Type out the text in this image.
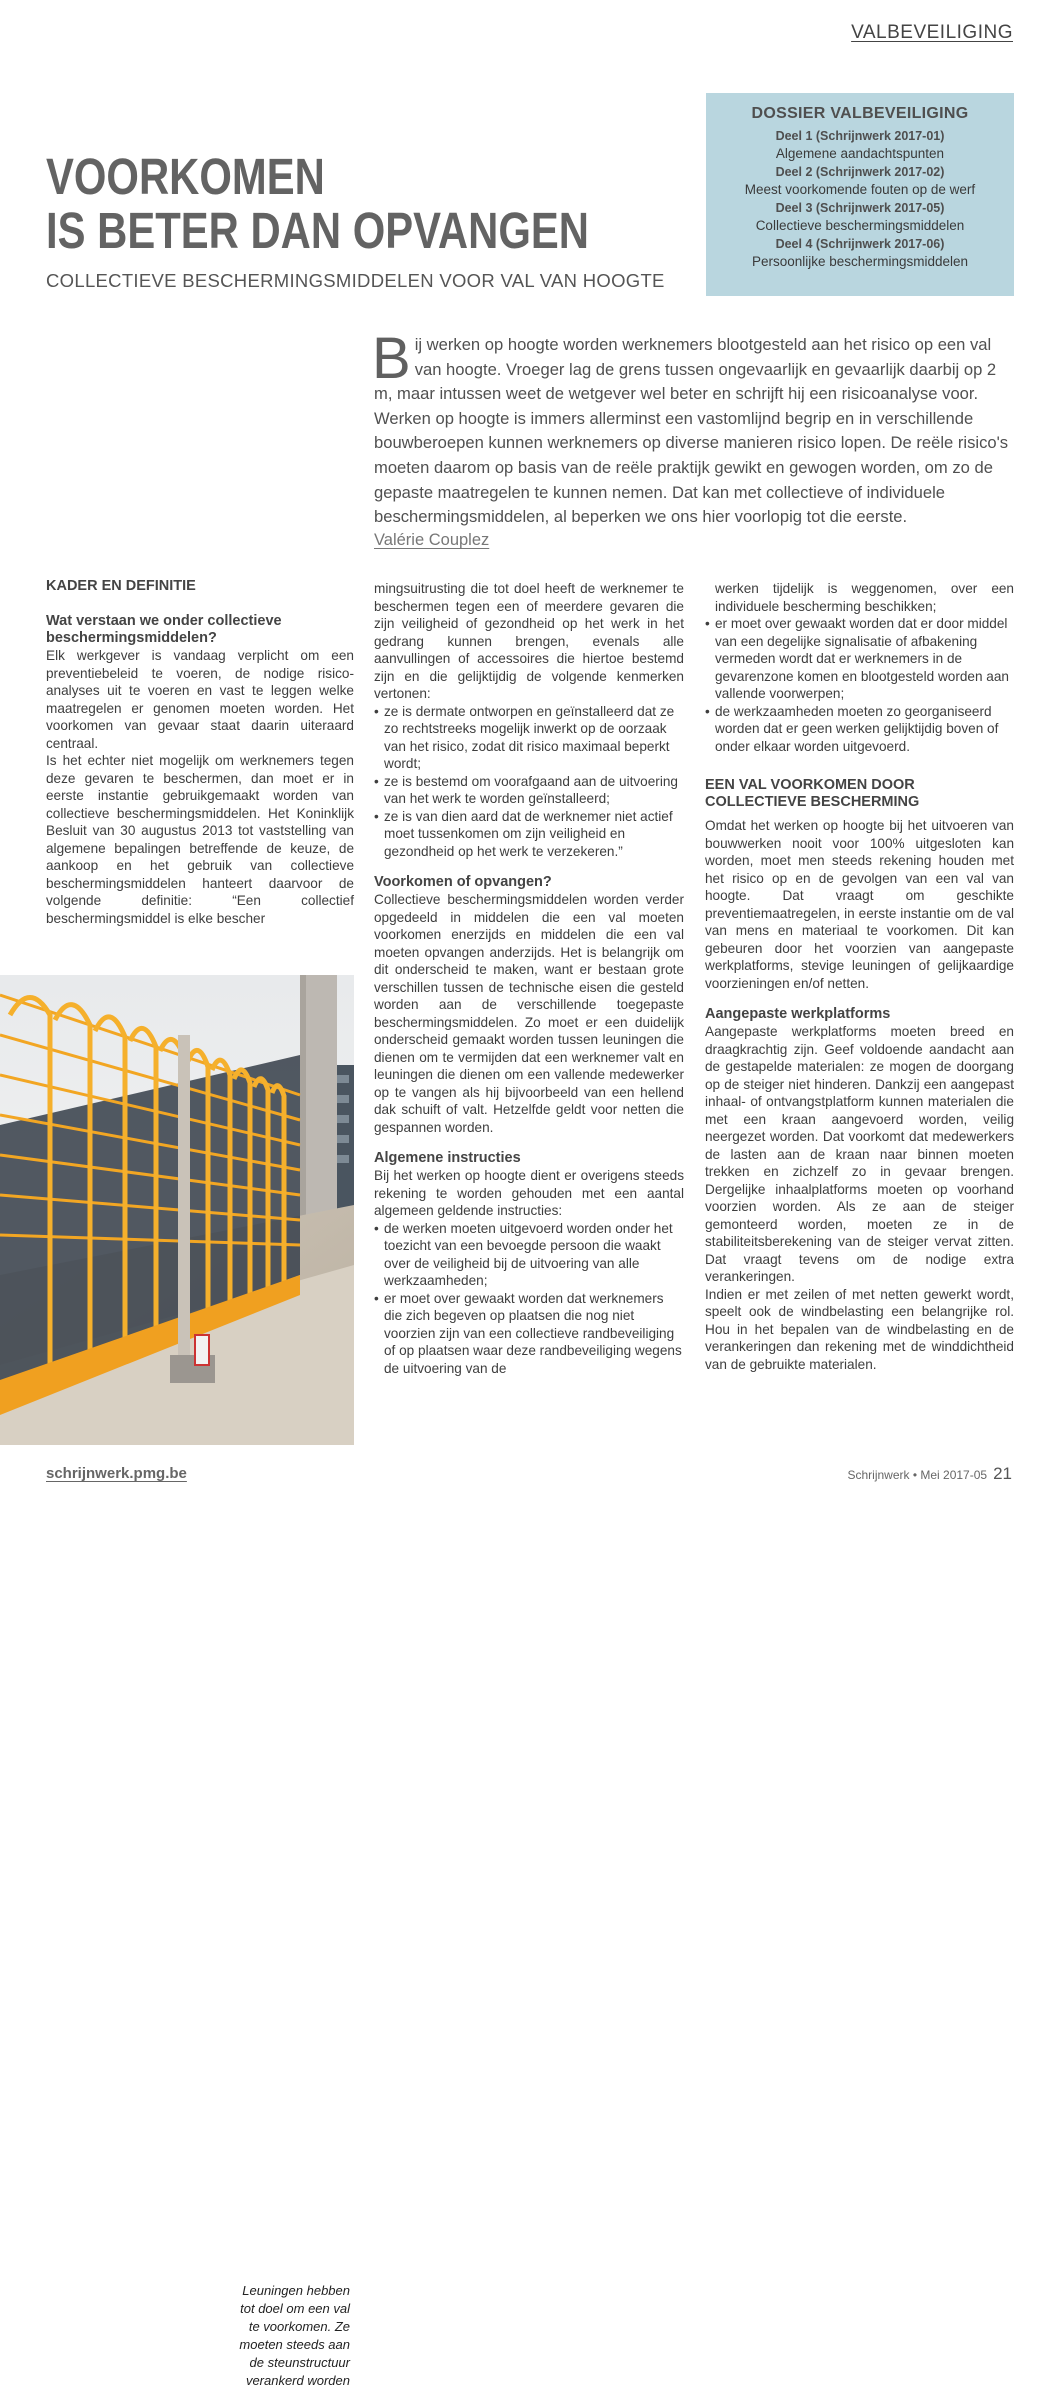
VALBEVEILIGING
DOSSIER VALBEVEILIGING
Deel 1 (Schrijnwerk 2017-01)
Algemene aandachtspunten
Deel 2 (Schrijnwerk 2017-02)
Meest voorkomende fouten op de werf
Deel 3 (Schrijnwerk 2017-05)
Collectieve beschermingsmiddelen
Deel 4 (Schrijnwerk 2017-06)
Persoonlijke beschermingsmiddelen
VOORKOMEN
IS BETER DAN OPVANGEN
COLLECTIEVE BESCHERMINGSMIDDELEN VOOR VAL VAN HOOGTE
Bij werken op hoogte worden werknemers blootgesteld aan het risico op een val van hoogte. Vroeger lag de grens tussen ongevaarlijk en gevaarlijk daarbij op 2 m, maar intussen weet de wetgever wel beter en schrijft hij een risicoanalyse voor. Werken op hoogte is immers allerminst een vastomlijnd begrip en in verschillende bouwberoepen kunnen werknemers op diverse manieren risico lopen. De reële risico's moeten daarom op basis van de reële praktijk gewikt en gewogen worden, om zo de gepaste maatregelen te kunnen nemen. Dat kan met collectieve of individuele beschermingsmiddelen, al beperken we ons hier voorlopig tot die eerste.
Valérie Couplez
KADER EN DEFINITIE
Wat verstaan we onder collectieve beschermingsmiddelen?

Elk werkgever is vandaag verplicht om een preventiebeleid te voeren, de nodige risicoanalyses uit te voeren en vast te leggen welke maatregelen er genomen moeten worden. Het voorkomen van gevaar staat daarin uiteraard centraal.

Is het echter niet mogelijk om werknemers tegen deze gevaren te beschermen, dan moet er in eerste instantie gebruikgemaakt worden van collectieve beschermingsmiddelen. Het Koninklijk Besluit van 30 augustus 2013 tot vaststelling van algemene bepalingen betreffende de keuze, de aankoop en het gebruik van collectieve beschermingsmiddelen hanteert daarvoor de volgende definitie: “Een collectief beschermingsmiddel is elke bescher

Leuningen hebben tot doel om een val te voorkomen. Ze moeten steeds aan de steunstructuur verankerd worden

mingsuitrusting die tot doel heeft de werknemer te beschermen tegen een of meerdere gevaren die zijn veiligheid of gezondheid op het werk in het gedrang kunnen brengen, evenals alle aanvullingen of accessoires die hiertoe bestemd zijn en die gelijktijdig de volgende kenmerken vertonen:

• ze is dermate ontworpen en geïnstalleerd dat ze zo rechtstreeks mogelijk inwerkt op de oorzaak van het risico, zodat dit risico maximaal beperkt wordt;
• ze is bestemd om voorafgaand aan de uitvoering van het werk te worden geïnstalleerd;
• ze is van dien aard dat de werknemer niet actief moet tussenkomen om zijn veiligheid en gezondheid op het werk te verzekeren.”
Voorkomen of opvangen?

Collectieve beschermingsmiddelen worden verder opgedeeld in middelen die een val moeten voorkomen enerzijds en middelen die een val moeten opvangen anderzijds. Het is belangrijk om dit onderscheid te maken, want er bestaan grote verschillen tussen de technische eisen die gesteld worden aan de verschillende toegepaste beschermingsmiddelen. Zo moet er een duidelijk onderscheid gemaakt worden tussen leuningen die dienen om te vermijden dat een werknemer valt en leuningen die dienen om een vallende medewerker op te vangen als hij bijvoorbeeld van een hellend dak schuift of valt. Hetzelfde geldt voor netten die gespannen worden.

Algemene instructies

Bij het werken op hoogte dient er overigens steeds rekening te worden gehouden met een aantal algemeen geldende instructies:

• de werken moeten uitgevoerd worden onder het toezicht van een bevoegde persoon die waakt over de veiligheid bij de uitvoering van alle werkzaamheden;
• er moet over gewaakt worden dat werknemers die zich begeven op plaatsen die nog niet voorzien zijn van een collectieve randbeveiliging of op plaatsen waar deze randbeveiliging wegens de uitvoering van de

werken tijdelijk is weggenomen, over een individuele bescherming beschikken;

• er moet over gewaakt worden dat er door middel van een degelijke signalisatie of afbakening vermeden wordt dat er werknemers in de gevarenzone komen en blootgesteld worden aan vallende voorwerpen;
• de werkzaamheden moeten zo georganiseerd worden dat er geen werken gelijktijdig boven of onder elkaar worden uitgevoerd.
EEN VAL VOORKOMEN DOOR COLLECTIEVE BESCHERMING

Omdat het werken op hoogte bij het uitvoeren van bouwwerken nooit voor 100% uitgesloten kan worden, moet men steeds rekening houden met het risico op en de gevolgen van een val van hoogte. Dat vraagt om geschikte preventiemaatregelen, in eerste instantie om de val van mens en materiaal te voorkomen. Dit kan gebeuren door het voorzien van aangepaste werkplatforms, stevige leuningen of gelijkaardige voorzieningen en/of netten.

Aangepaste werkplatforms

Aangepaste werkplatforms moeten breed en draagkrachtig zijn. Geef voldoende aandacht aan de gestapelde materialen: ze mogen de doorgang op de steiger niet hinderen. Dankzij een aangepast inhaal- of ontvangstplatform kunnen materialen die met een kraan aangevoerd worden, veilig neergezet worden. Dat voorkomt dat medewerkers de lasten aan de kraan naar binnen moeten trekken en zichzelf zo in gevaar brengen. Dergelijke inhaalplatforms moeten op voorhand voorzien worden. Als ze aan de steiger gemonteerd worden, moeten ze in de stabiliteitsberekening van de steiger vervat zitten. Dat vraagt tevens om de nodige extra verankeringen.

Indien er met zeilen of met netten gewerkt wordt, speelt ook de windbelasting een belangrijke rol. Hou in het bepalen van de windbelasting en de verankeringen dan rekening met de winddichtheid van de gebruikte materialen.

schrijnwerk.pmg.be	Schrijnwerk • Mei 2017-05 21
